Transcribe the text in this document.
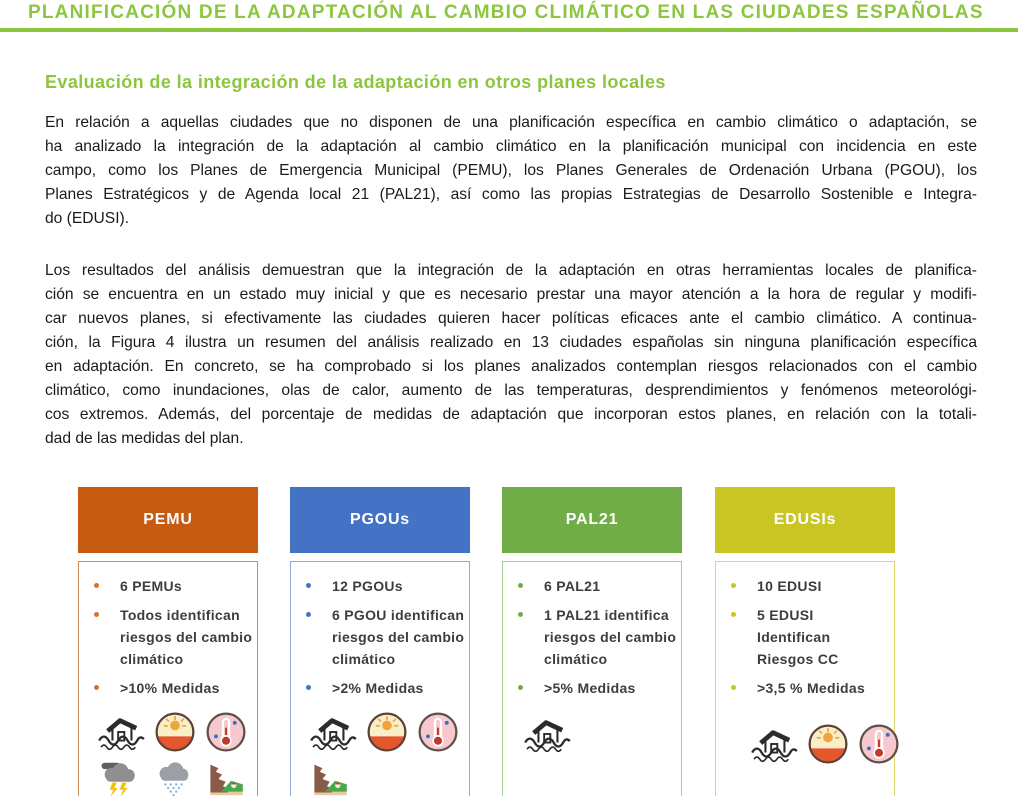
PLANIFICACIÓN DE LA ADAPTACIÓN AL CAMBIO CLIMÁTICO EN LAS CIUDADES ESPAÑOLAS
Evaluación de la integración de la adaptación en otros planes locales
En relación a aquellas ciudades que no disponen de una planificación específica en cambio climático o adaptación, se
ha analizado la integración de la adaptación al cambio climático en la planificación municipal con incidencia en este
campo, como los Planes de Emergencia Municipal (PEMU), los Planes Generales de Ordenación Urbana (PGOU), los
Planes Estratégicos y de Agenda local 21 (PAL21), así como las propias Estrategias de Desarrollo Sostenible e Integra-
do (EDUSI).
Los resultados del análisis demuestran que la integración de la adaptación en otras herramientas locales de planifica-
ción se encuentra en un estado muy inicial y que es necesario prestar una mayor atención a la hora de regular y modifi-
car nuevos planes, si efectivamente las ciudades quieren hacer políticas eficaces ante el cambio climático. A continua-
ción, la Figura 4 ilustra un resumen del análisis realizado en 13 ciudades españolas sin ninguna planificación específica
en adaptación. En concreto, se ha comprobado si los planes analizados contemplan riesgos relacionados con el cambio
climático, como inundaciones, olas de calor, aumento de las temperaturas, desprendimientos y fenómenos meteorológi-
cos extremos. Además, del porcentaje de medidas de adaptación que incorporan estos planes, en relación con la totali-
dad de las medidas del plan.
PEMU
6 PEMUs
Todos identifican riesgos del cambio climático
>10% Medidas
PGOUs
12 PGOUs
6 PGOU identifican riesgos del cambio climático
>2% Medidas
PAL21
6 PAL21
1 PAL21 identifica riesgos del cambio climático
>5% Medidas
EDUSIs
10 EDUSI
5 EDUSI Identifican Riesgos CC
>3,5 % Medidas
